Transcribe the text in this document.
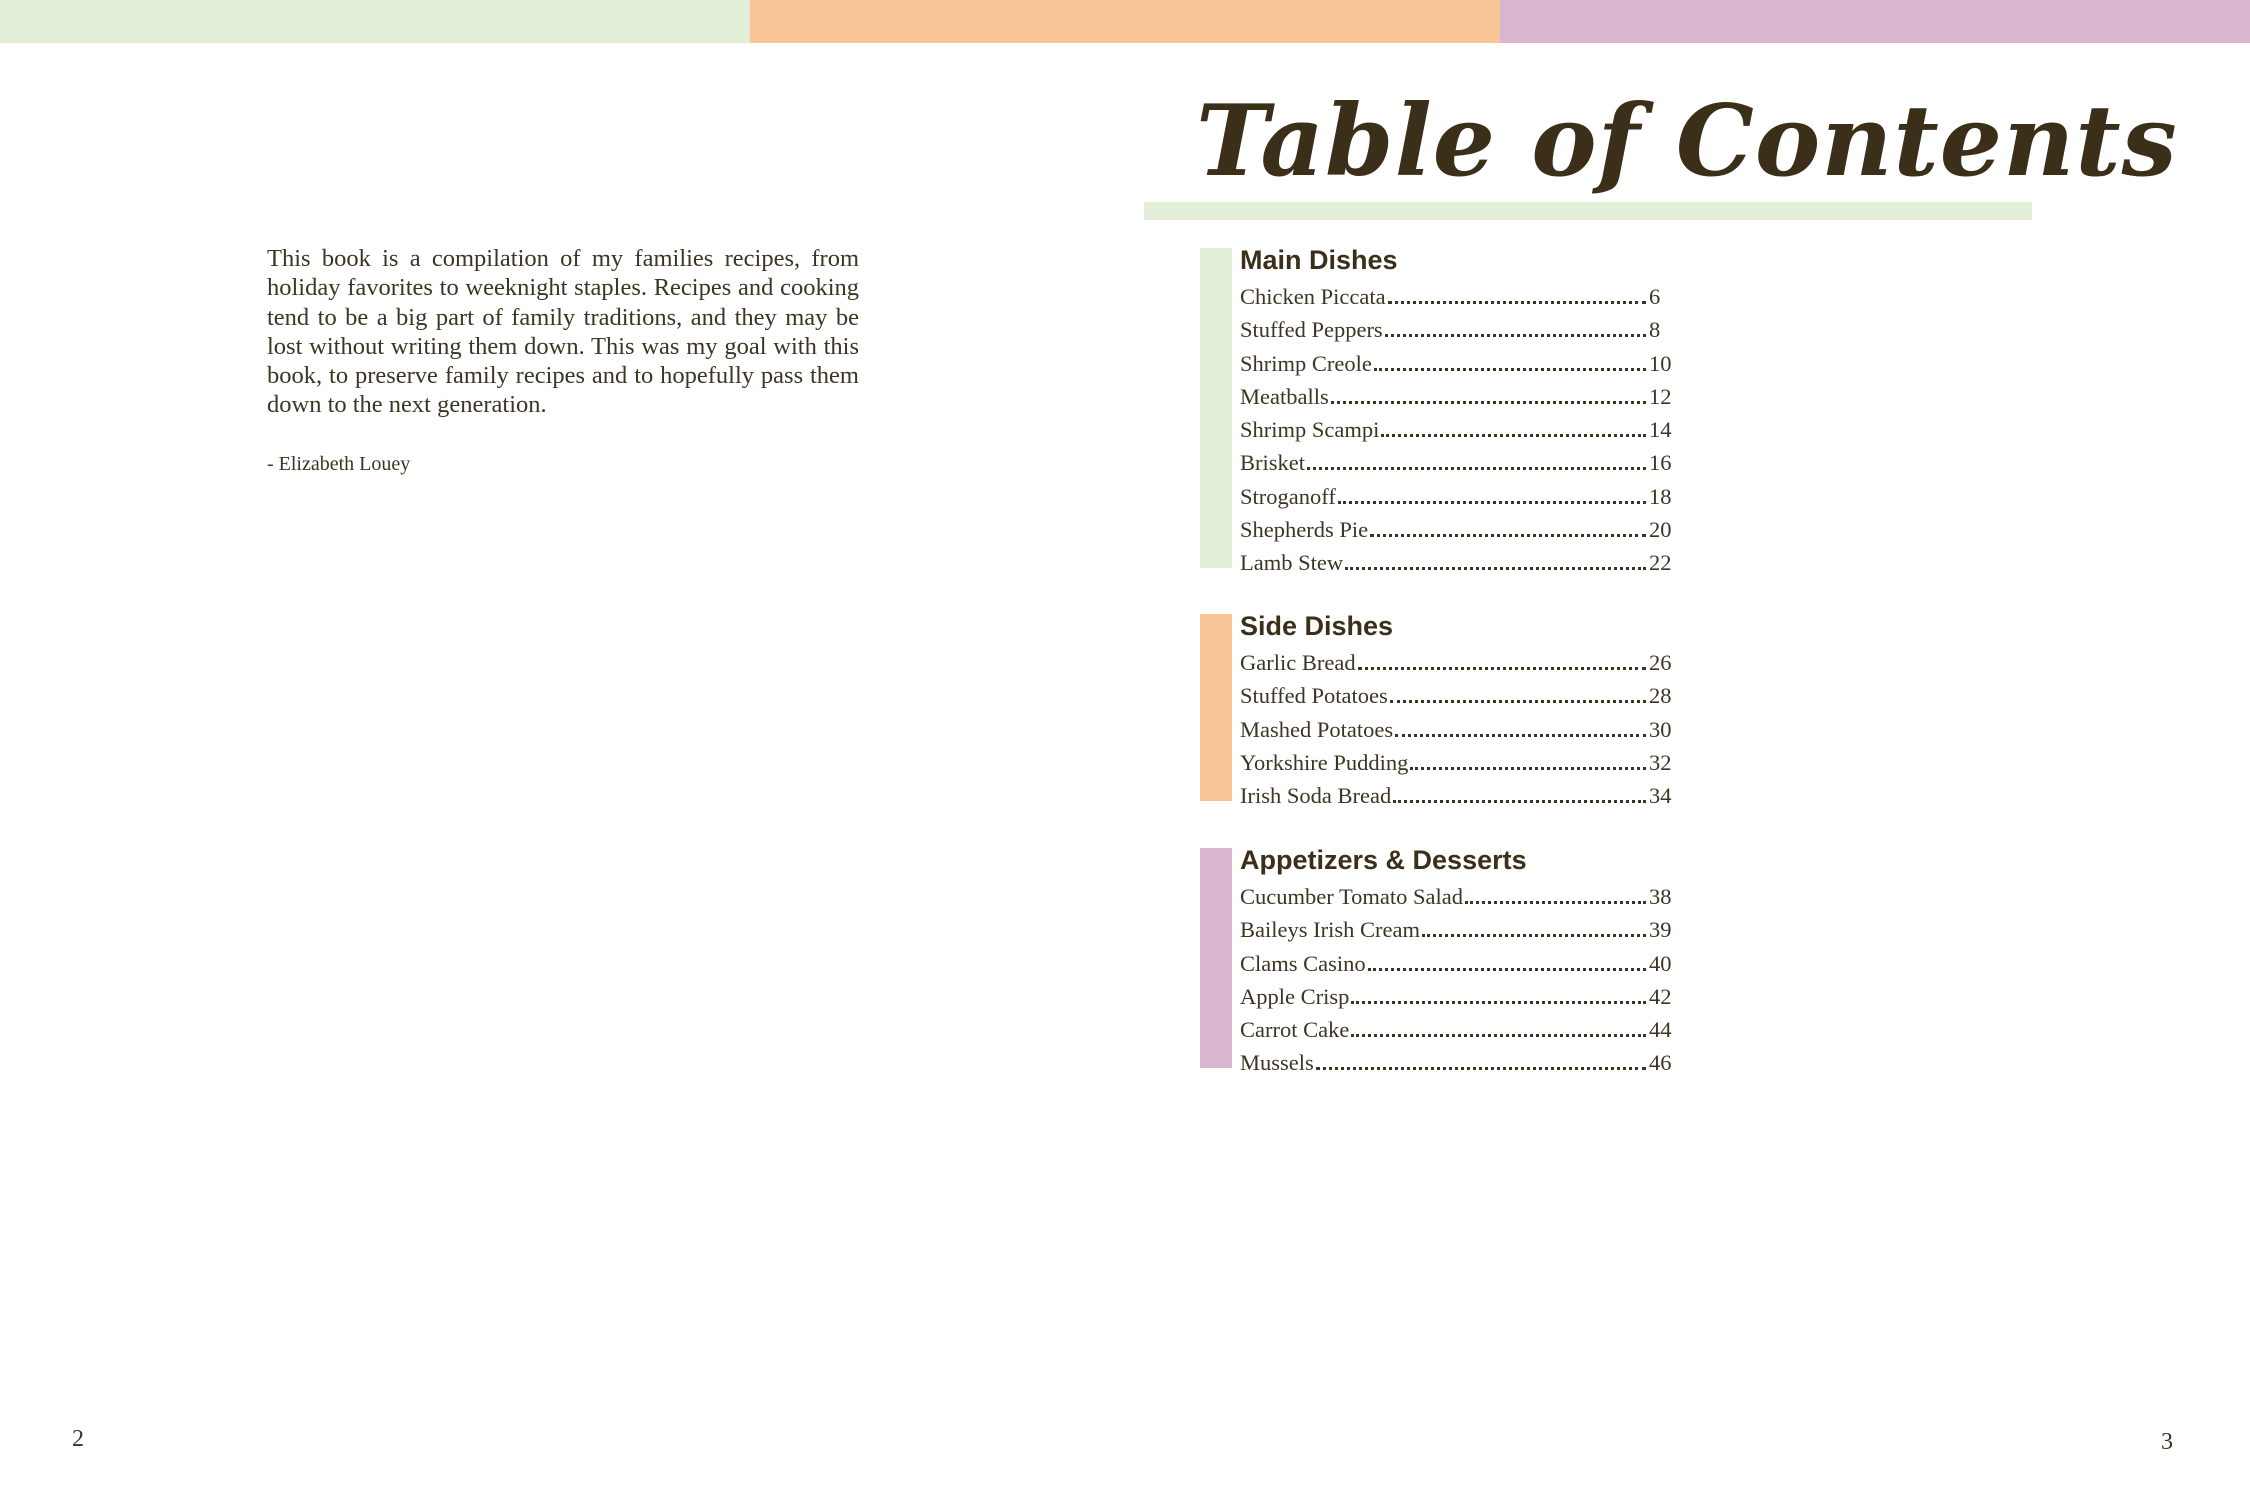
This book is a compilation of my families recipes, from holiday favorites to weeknight staples. Recipes and cooking tend to be a big part of family traditions, and they may be lost without writing them down. This was my goal with this book, to preserve family recipes and to hopefully pass them down to the next generation.

- Elizabeth Louey

2
Table of Contents
Main Dishes
Chicken Piccata	6
Stuffed Peppers	8
Shrimp Creole	10
Meatballs	12
Shrimp Scampi	14
Brisket	16
Stroganoff	18
Shepherds Pie	20
Lamb Stew	22
Side Dishes
Garlic Bread	26
Stuffed Potatoes	28
Mashed Potatoes	30
Yorkshire Pudding	32
Irish Soda Bread	34
Appetizers & Desserts
Cucumber Tomato Salad	38
Baileys Irish Cream	39
Clams Casino	40
Apple Crisp	42
Carrot Cake	44
Mussels	46
3
